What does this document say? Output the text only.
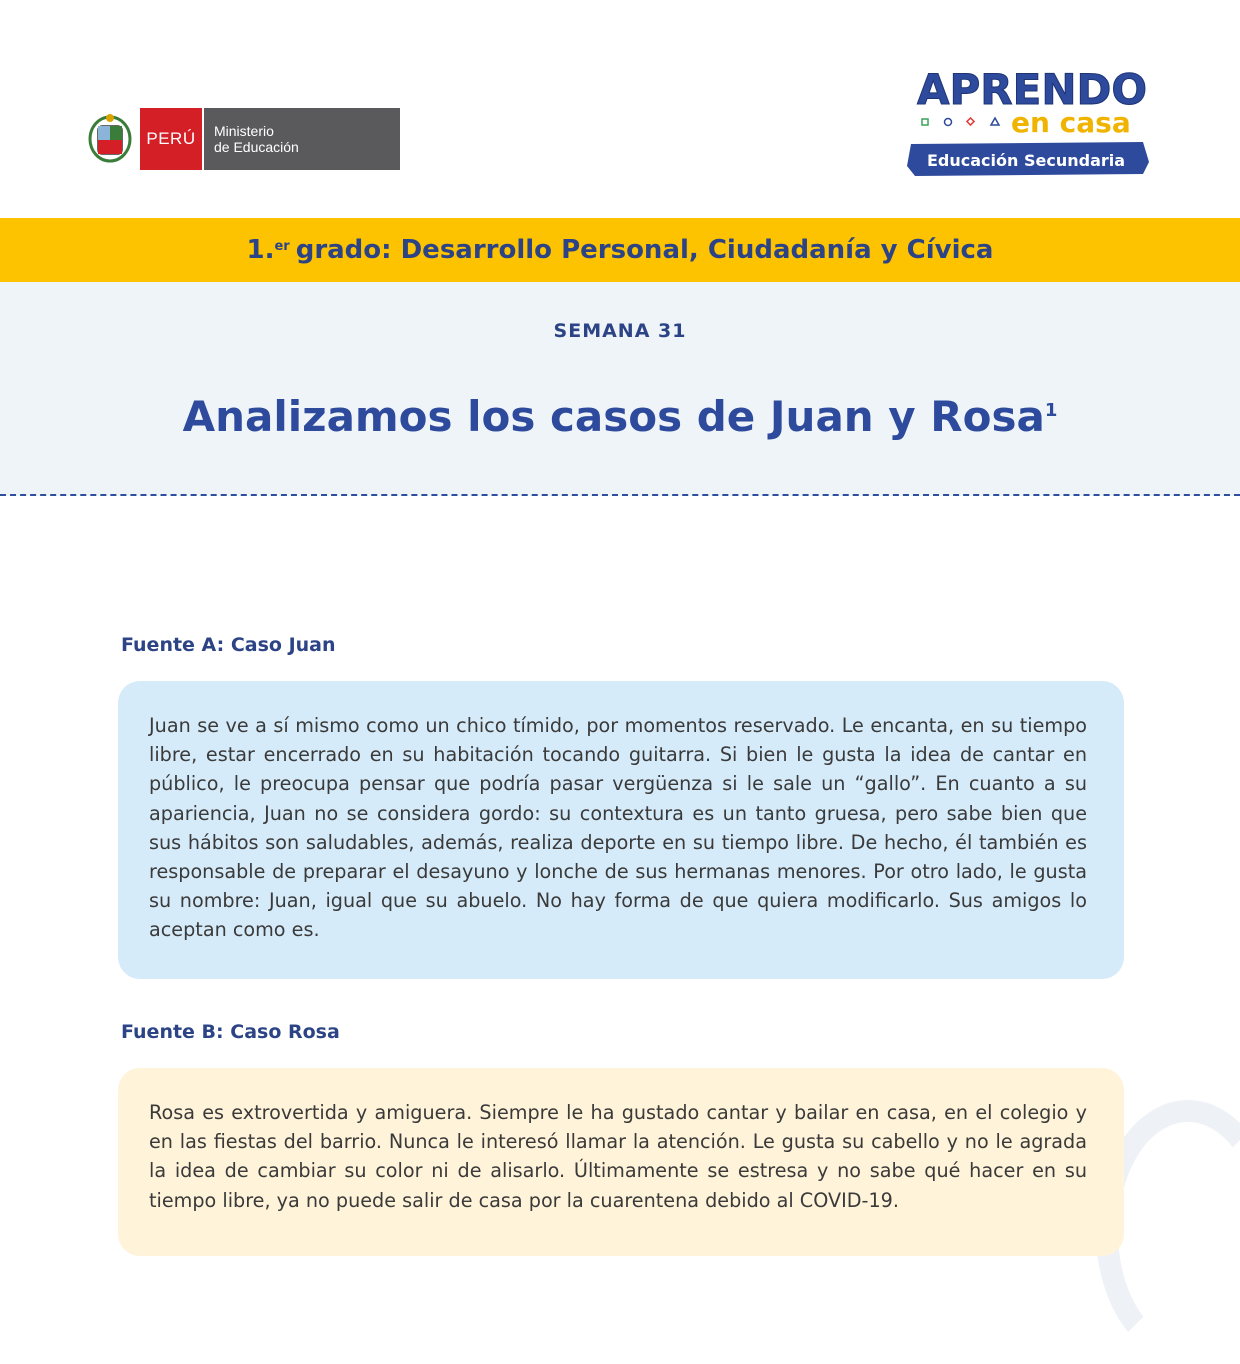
PERÚ	Ministerio
de Educación
APRENDO
en casa
Educación Secundaria
1.$^{er}$ grado: Desarrollo Personal, Ciudadanía y Cívica
SEMANA 31
Analizamos los casos de Juan y Rosa$^1$
Fuente A: Caso Juan
Juan se ve a sí mismo como un chico tímido, por momentos reservado. Le encanta, en su tiempo libre, estar encerrado en su habitación tocando guitarra. Si bien le gusta la idea de cantar en público, le preocupa pensar que podría pasar vergüenza si le sale un “gallo”. En cuanto a su apariencia, Juan no se considera gordo: su contextura es un tanto gruesa, pero sabe bien que sus hábitos son saludables, además, realiza deporte en su tiempo libre. De hecho, él también es responsable de preparar el desayuno y lonche de sus hermanas menores. Por otro lado, le gusta su nombre: Juan, igual que su abuelo. No hay forma de que quiera modificarlo. Sus amigos lo aceptan como es.
Fuente B: Caso Rosa
Rosa es extrovertida y amiguera. Siempre le ha gustado cantar y bailar en casa, en el colegio y en las fiestas del barrio. Nunca le interesó llamar la atención. Le gusta su cabello y no le agrada la idea de cambiar su color ni de alisarlo. Últimamente se estresa y no sabe qué hacer en su tiempo libre, ya no puede salir de casa por la cuarentena debido al COVID-19.
